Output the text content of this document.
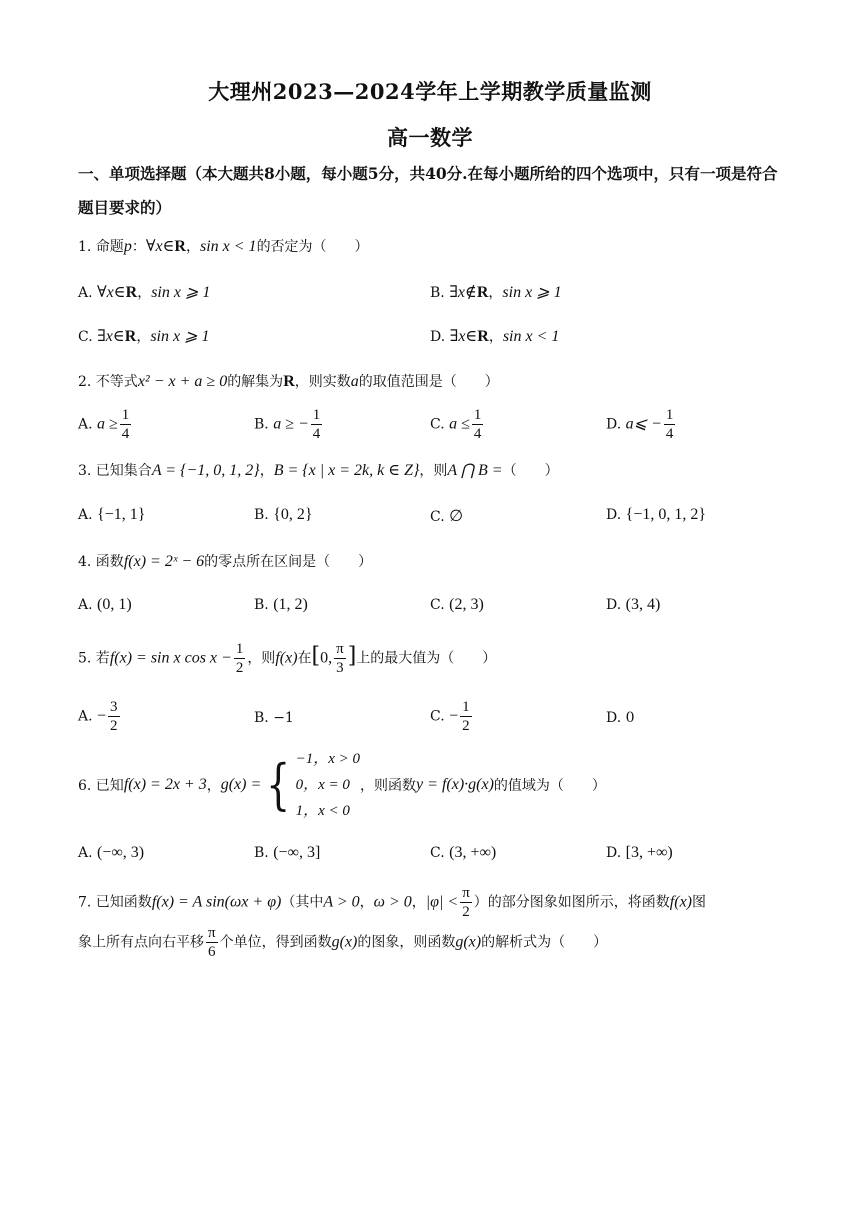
大理州2023—2024学年上学期教学质量监测
高一数学
一、单项选择题（本大题共8小题，每小题5分，共40分.在每小题所给的四个选项中，只有一项是符合题目要求的）
1. 命题p：∀x∈R，sin x < 1的否定为（　　）
A. ∀x∈R，sin x ⩾ 1	B. ∃x∉R，sin x ⩾ 1
C. ∃x∈R，sin x ⩾ 1	D. ∃x∈R，sin x < 1
2. 不等式x² − x + a ≥ 0的解集为R，则实数a的取值范围是（　　）
A. $a \ge \frac{1}{4}$	B. a ≥ − $\frac{1}{4}$	C. $a \le \frac{1}{4}$	D. a⩽ − $\frac{1}{4}$
3. 已知集合A = {−1, 0, 1, 2}，B = {x | x = 2k, k ∈ Z}，则A ⋂ B =（　　）
A. {−1, 1}	B. {0, 2}	C. ∅	D. {−1, 0, 1, 2}
4. 函数f(x) = 2ˣ − 6的零点所在区间是（　　）
A. (0, 1)	B. (1, 2)	C. (2, 3)	D. (3, 4)
5. 若f(x) = sin x $\cos x - \frac{1}{2}$ ，则f(x)在[0, $\frac{\pi}{3}$ ]上的最大值为（　　）
A. − $\frac{3}{2}$	B. −1	C. − $\frac{1}{2}$	D. 0
6. 已知f(x) = 2x + 3，g(x) ={ −1，x > 0
0，x = 0
1，x < 0
，则函数y = f(x)·g(x)的值域为（　　）
A. (−∞, 3)	B. (−∞, 3]	C. (3, +∞)	D. [3, +∞)
7. 已知函数f(x) = A sin(ωx + φ)（其中A > 0，ω > 0，$|\varphi| < \frac{\pi}{2}$ ）的部分图象如图所示，将函数f(x)图
象上所有点向右平移 $\frac{\pi}{6}$ 个单位，得到函数g(x)的图象，则函数g(x)的解析式为（　　）
